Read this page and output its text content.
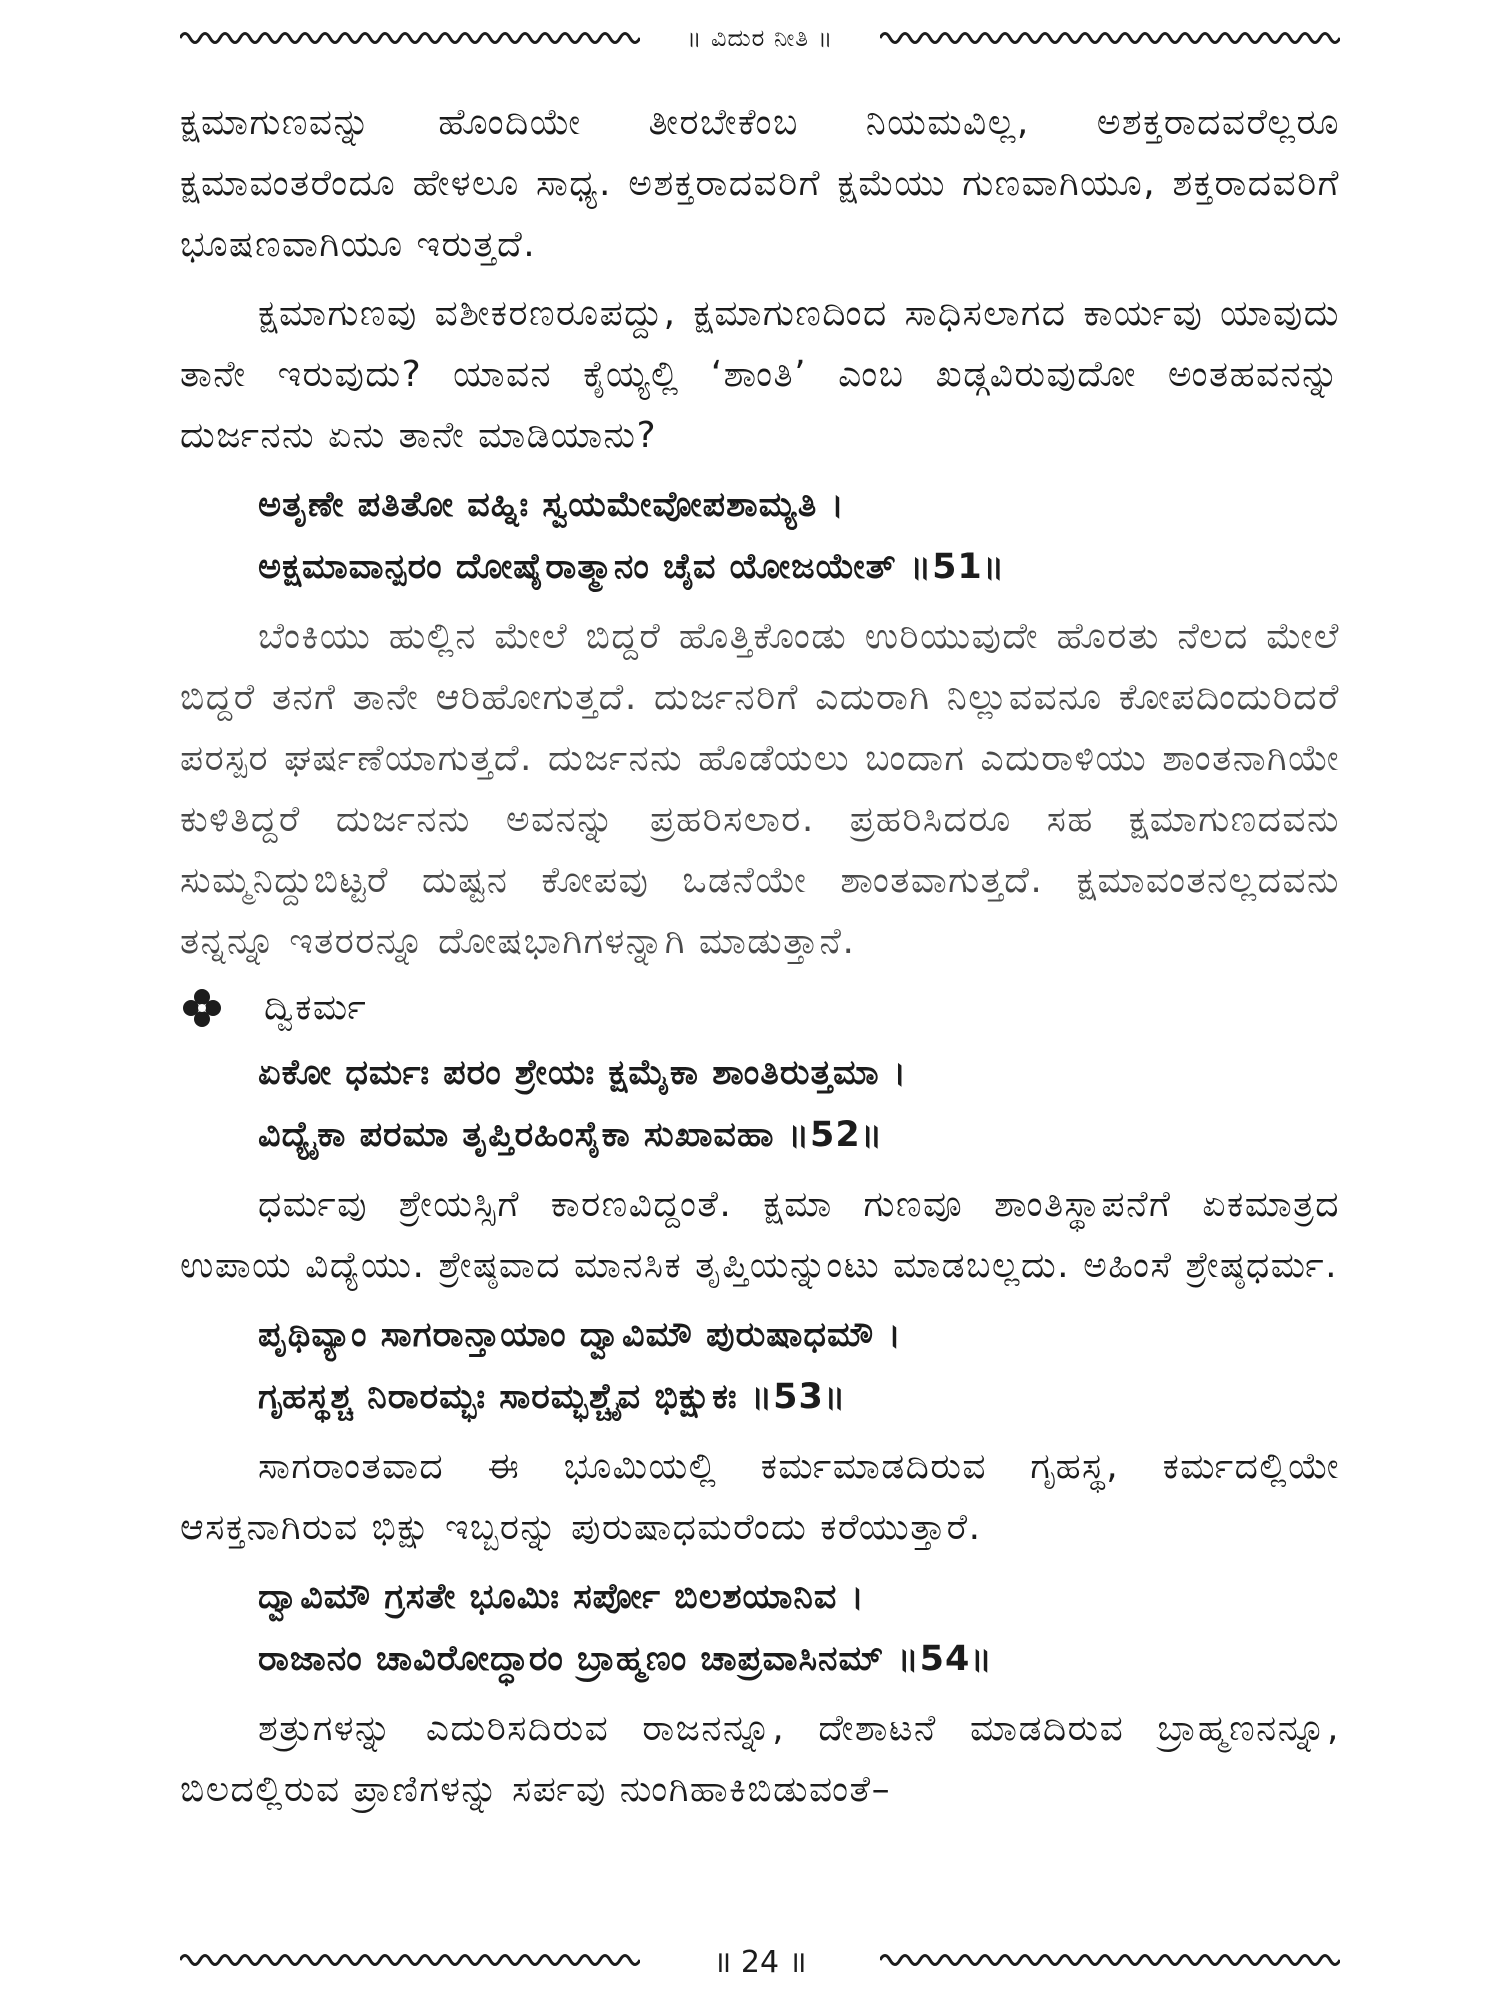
॥ ವಿದುರ ನೀತಿ ॥

ಕ್ಷಮಾಗುಣವನ್ನು ಹೊಂದಿಯೇ ತೀರಬೇಕೆಂಬ ನಿಯಮವಿಲ್ಲ, ಅಶಕ್ತರಾದವರೆಲ್ಲರೂ ಕ್ಷಮಾವಂತರೆಂದೂ ಹೇಳಲೂ ಸಾಧ್ಯ. ಅಶಕ್ತರಾದವರಿಗೆ ಕ್ಷಮೆಯು ಗುಣವಾಗಿಯೂ, ಶಕ್ತರಾದವರಿಗೆ ಭೂಷಣವಾಗಿಯೂ ಇರುತ್ತದೆ.

ಕ್ಷಮಾಗುಣವು ವಶೀಕರಣರೂಪದ್ದು, ಕ್ಷಮಾಗುಣದಿಂದ ಸಾಧಿಸಲಾಗದ ಕಾರ್ಯವು ಯಾವುದು ತಾನೇ ಇರುವುದು? ಯಾವನ ಕೈಯ್ಯಲ್ಲಿ ‘ಶಾಂತಿ’ ಎಂಬ ಖಡ್ಗವಿರುವುದೋ ಅಂತಹವನನ್ನು ದುರ್ಜನನು ಏನು ತಾನೇ ಮಾಡಿಯಾನು?

ಅತೃಣೇ ಪತಿತೋ ವಹ್ನಿಃ ಸ್ವಯಮೇವೋಪಶಾಮ್ಯತಿ ।
ಅಕ್ಷಮಾವಾನ್ಪರಂ ದೋಷೈರಾತ್ಮಾನಂ ಚೈವ ಯೋಜಯೇತ್ ॥51॥

ಬೆಂಕಿಯು ಹುಲ್ಲಿನ ಮೇಲೆ ಬಿದ್ದರೆ ಹೊತ್ತಿಕೊಂಡು ಉರಿಯುವುದೇ ಹೊರತು ನೆಲದ ಮೇಲೆ ಬಿದ್ದರೆ ತನಗೆ ತಾನೇ ಆರಿಹೋಗುತ್ತದೆ. ದುರ್ಜನರಿಗೆ ಎದುರಾಗಿ ನಿಲ್ಲುವವನೂ ಕೋಪದಿಂದುರಿದರೆ ಪರಸ್ಪರ ಘರ್ಷಣೆಯಾಗುತ್ತದೆ. ದುರ್ಜನನು ಹೊಡೆಯಲು ಬಂದಾಗ ಎದುರಾಳಿಯು ಶಾಂತನಾಗಿಯೇ ಕುಳಿತಿದ್ದರೆ ದುರ್ಜನನು ಅವನನ್ನು ಪ್ರಹರಿಸಲಾರ. ಪ್ರಹರಿಸಿದರೂ ಸಹ ಕ್ಷಮಾಗುಣದವನು ಸುಮ್ಮನಿದ್ದುಬಿಟ್ಟರೆ ದುಷ್ಟನ ಕೋಪವು ಒಡನೆಯೇ ಶಾಂತವಾಗುತ್ತದೆ. ಕ್ಷಮಾವಂತನಲ್ಲದವನು ತನ್ನನ್ನೂ ಇತರರನ್ನೂ ದೋಷಭಾಗಿಗಳನ್ನಾಗಿ ಮಾಡುತ್ತಾನೆ.

ದ್ವಿಕರ್ಮ
ಏಕೋ ಧರ್ಮಃ ಪರಂ ಶ್ರೇಯಃ ಕ್ಷಮೈಕಾ ಶಾಂತಿರುತ್ತಮಾ ।
ವಿದ್ಯೈಕಾ ಪರಮಾ ತೃಪ್ತಿರಹಿಂಸೈಕಾ ಸುಖಾವಹಾ ॥52॥

ಧರ್ಮವು ಶ್ರೇಯಸ್ಸಿಗೆ ಕಾರಣವಿದ್ದಂತೆ. ಕ್ಷಮಾ ಗುಣವೂ ಶಾಂತಿಸ್ಥಾಪನೆಗೆ ಏಕಮಾತ್ರದ ಉಪಾಯ ವಿದ್ಯೆಯು. ಶ್ರೇಷ್ಠವಾದ ಮಾನಸಿಕ ತೃಪ್ತಿಯನ್ನುಂಟು ಮಾಡಬಲ್ಲದು. ಅಹಿಂಸೆ ಶ್ರೇಷ್ಠಧರ್ಮ.

ಪೃಥಿವ್ಯಾಂ ಸಾಗರಾನ್ತಾಯಾಂ ದ್ವಾವಿಮೌ ಪುರುಷಾಧಮೌ ।
ಗೃಹಸ್ಥಶ್ಚ ನಿರಾರಮ್ಭಃ ಸಾರಮ್ಭಶ್ಚೈವ ಭಿಕ್ಷುಕಃ ॥53॥

ಸಾಗರಾಂತವಾದ ಈ ಭೂಮಿಯಲ್ಲಿ ಕರ್ಮಮಾಡದಿರುವ ಗೃಹಸ್ಥ, ಕರ್ಮದಲ್ಲಿಯೇ ಆಸಕ್ತನಾಗಿರುವ ಭಿಕ್ಷು ಇಬ್ಬರನ್ನು ಪುರುಷಾಧಮರೆಂದು ಕರೆಯುತ್ತಾರೆ.

ದ್ವಾವಿಮೌ ಗ್ರಸತೇ ಭೂಮಿಃ ಸರ್ಪೋ ಬಿಲಶಯಾನಿವ ।
ರಾಜಾನಂ ಚಾವಿರೋದ್ಧಾರಂ ಬ್ರಾಹ್ಮಣಂ ಚಾಪ್ರವಾಸಿನಮ್ ॥54॥

ಶತ್ರುಗಳನ್ನು ಎದುರಿಸದಿರುವ ರಾಜನನ್ನೂ, ದೇಶಾಟನೆ ಮಾಡದಿರುವ ಬ್ರಾಹ್ಮಣನನ್ನೂ, ಬಿಲದಲ್ಲಿರುವ ಪ್ರಾಣಿಗಳನ್ನು ಸರ್ಪವು ನುಂಗಿಹಾಕಿಬಿಡುವಂತೆ–

॥ 24 ॥
